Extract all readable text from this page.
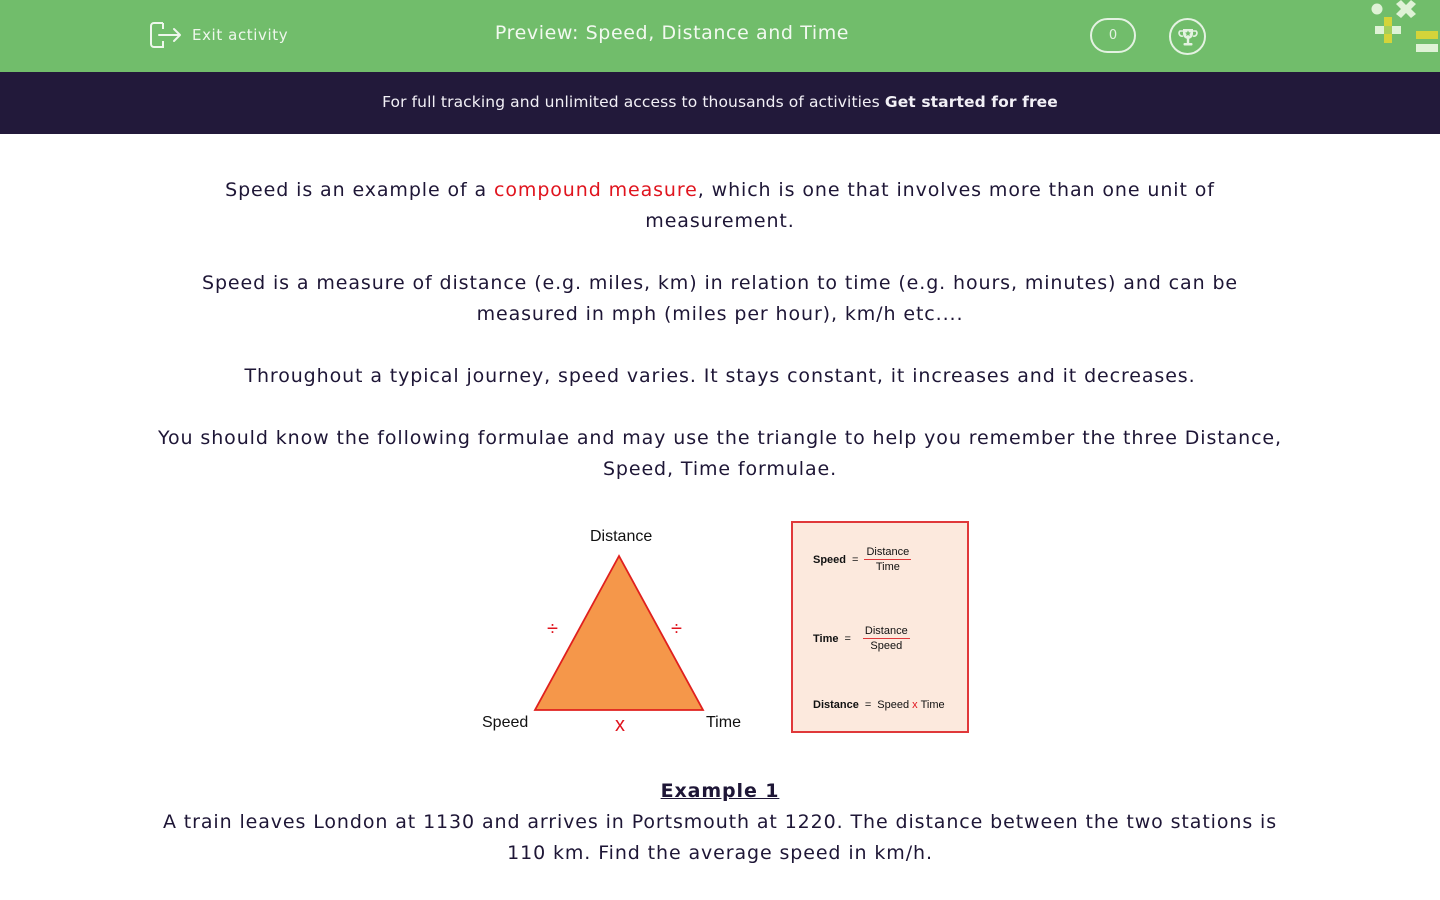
Exit activity	Preview: Speed, Distance and Time	0
For full tracking and unlimited access to thousands of activities Get started for free

Speed is an example of a compound measure, which is one that involves more than one unit of measurement.

Speed is a measure of distance (e.g. miles, km) in relation to time (e.g. hours, minutes) and can be measured in mph (miles per hour), km/h etc....

Throughout a typical journey, speed varies. It stays constant, it increases and it decreases.

You should know the following formulae and may use the triangle to help you remember the three Distance, Speed, Time formulae.

Distance
Speed	Time
÷	÷
x
Speed = $\frac{\text{Distance}}{\text{Time}}$
Time = $\frac{\text{Distance}}{\text{Speed}}$
Distance = Speed x Time
Example 1
A train leaves London at 1130 and arrives in Portsmouth at 1220. The distance between the two stations is 110 km. Find the average speed in km/h.
